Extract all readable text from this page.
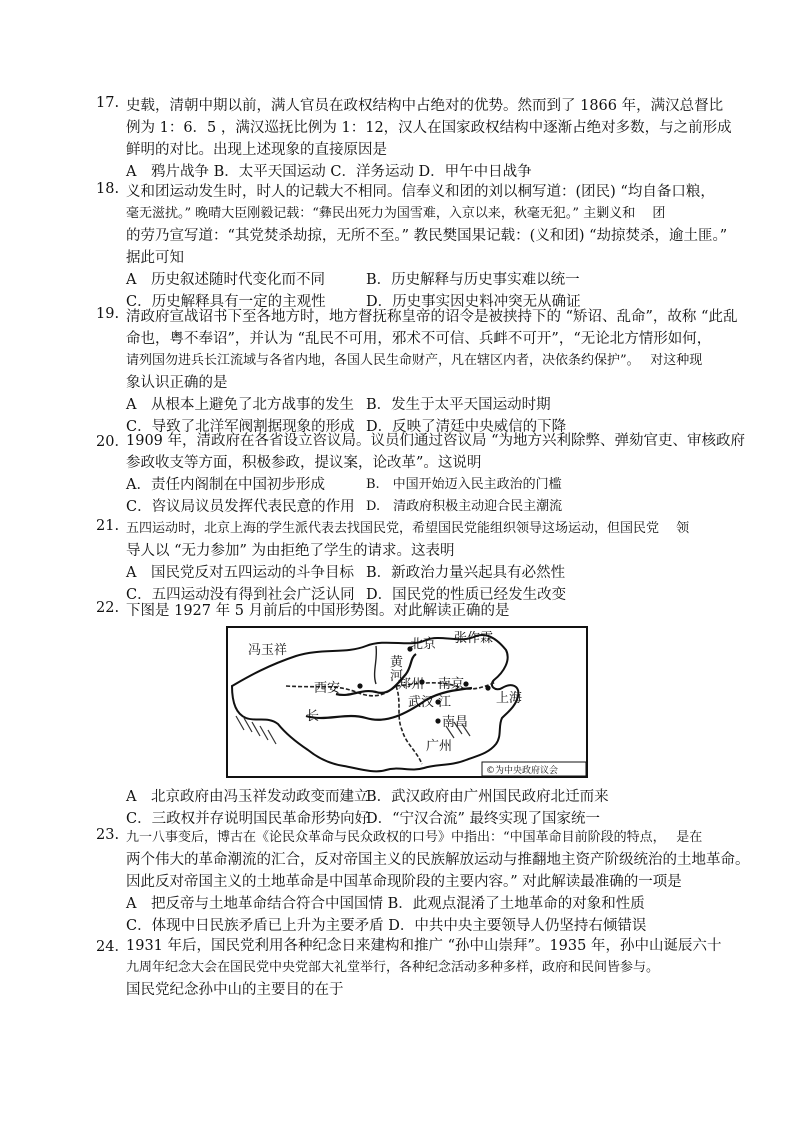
17. 史载，清朝中期以前，满人官员在政权结构中占绝对的优势。然而到了 1866 年，满汉总督比
例为 1：6．5 ，满汉巡抚比例为 1：12，汉人在国家政权结构中逐渐占绝对多数，与之前形成
鲜明的对比。出现上述现象的直接原因是
A　鸦片战争 B．太平天国运动 C．洋务运动 D．甲午中日战争
18. 义和团运动发生时，时人的记载大不相同。信奉义和团的刘以桐写道：(团民) “均自备口粮，
毫无滋扰。” 晚晴大臣刚毅记载：“彝民出死力为国雪难，入京以来，秋毫无犯。” 主剿义和　 团
的劳乃宣写道：“其党焚杀劫掠，无所不至。” 教民樊国果记载：(义和团) “劫掠焚杀，逾土匪。”
据此可知
A　历史叙述随时代变化而不同	B．历史解释与历史事实难以统一
C．历史解释具有一定的主观性	D．历史事实因史料冲突无从确证
19. 清政府宣战诏书下至各地方时，地方督抚称皇帝的诏令是被挟持下的 “矫诏、乱命”，故称 “此乱
命也，粤不奉诏”，并认为 “乱民不可用，邪术不可信、兵衅不可开”，“无论北方情形如何，
请列国勿进兵长江流域与各省内地，各国人民生命财产，凡在辖区内者，决依条约保护”。　 对这种现
象认识正确的是
A　从根本上避免了北方战事的发生 B．发生于太平天国运动时期
C．导致了北洋军阀割据现象的形成 D．反映了清廷中央威信的下降
20．
1909 年，清政府在各省设立咨议局。议员们通过咨议局 “为地方兴利除弊、弹劾官吏、审核政府
参政收支等方面，积极参政，提议案，论改革”。这说明
A．责任内阁制在中国初步形成	B.　中国开始迈入民主政治的门槛
C．咨议局议员发挥代表民意的作用 D.　清政府积极主动迎合民主潮流
21. 五四运动时，北京上海的学生派代表去找国民党，希望国民党能组织领导这场运动，但国民党　 领
导人以 “无力参加” 为由拒绝了学生的请求。这表明
A　国民党反对五四运动的斗争目标 B．新政治力量兴起具有必然性
C．五四运动没有得到社会广泛认同 D．国民党的性质已经发生改变
22. 下图是 1927 年 5 月前后的中国形势图。对此解读正确的是
冯玉祥
张作霖
北京
黄
河
西安	郑州 南京
武汉 江	上海
长	南昌
广州
©为中央政府议会
A　北京政府由冯玉祥发动政变而建立
B．武汉政府由广州国民政府北迁而来
C．三政权并存说明国民革命形势向好
D．“宁汉合流” 最终实现了国家统一
23. 九一八事变后，博古在《论民众革命与民众政权的口号》中指出：“中国革命目前阶段的特点，　 是在
两个伟大的革命潮流的汇合，反对帝国主义的民族解放运动与推翻地主资产阶级统治的土地革命。
因此反对帝国主义的土地革命是中国革命现阶段的主要内容。” 对此解读最准确的一项是
A　把反帝与土地革命结合符合中国国情 B．此观点混淆了土地革命的对象和性质
C．体现中日民族矛盾已上升为主要矛盾 D．中共中央主要领导人仍坚持右倾错误
24．
1931 年后，国民党利用各种纪念日来建构和推广 “孙中山崇拜”。1935 年，孙中山诞辰六十
九周年纪念大会在国民党中央党部大礼堂举行，各种纪念活动多种多样，政府和民间皆参与。
国民党纪念孙中山的主要目的在于
